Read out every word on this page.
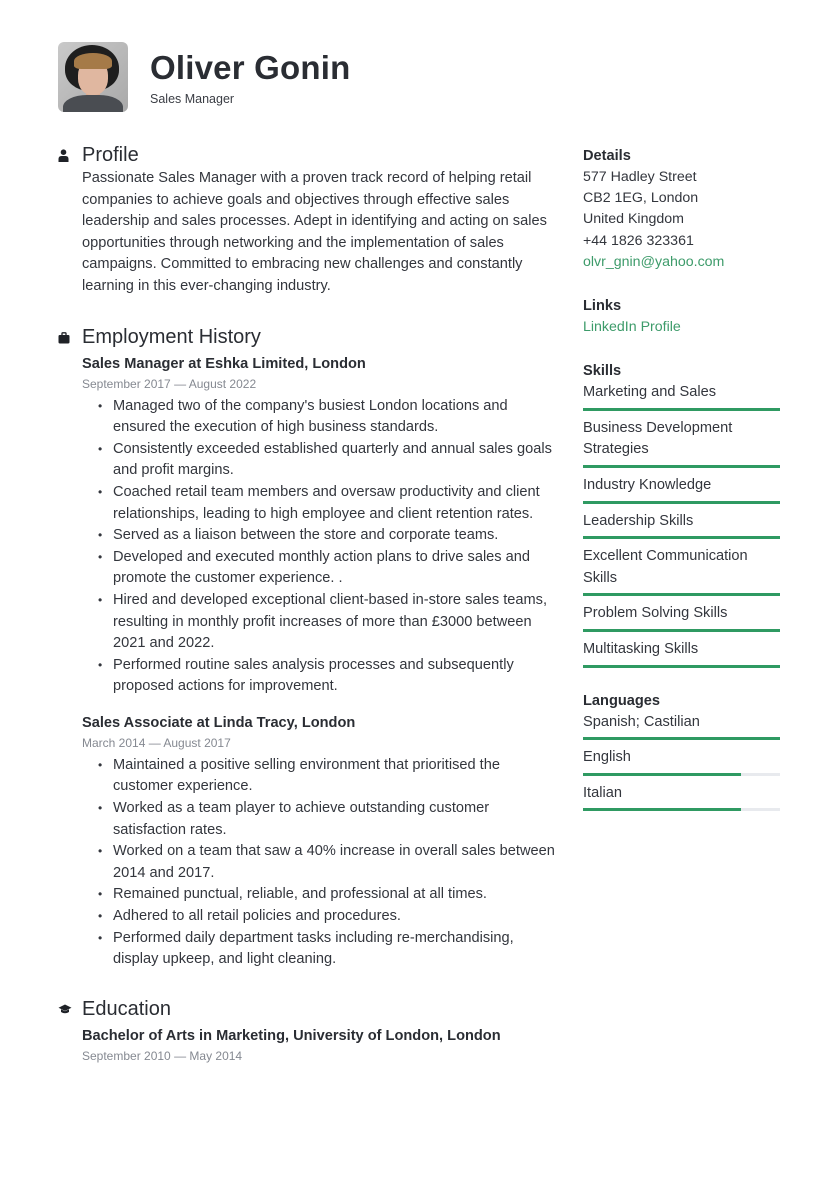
Oliver Gonin
Sales Manager
Profile
Passionate Sales Manager with a proven track record of helping retail companies to achieve goals and objectives through effective sales leadership and sales processes. Adept in identifying and acting on sales opportunities through networking and the implementation of sales campaigns. Committed to embracing new challenges and constantly learning in this ever-changing industry.
Employment History
Sales Manager at Eshka Limited, London
September 2017 — August 2022
• Managed two of the company's busiest London locations and ensured the execution of high business standards.
• Consistently exceeded established quarterly and annual sales goals and profit margins.
• Coached retail team members and oversaw productivity and client relationships, leading to high employee and client retention rates.
• Served as a liaison between the store and corporate teams.
• Developed and executed monthly action plans to drive sales and promote the customer experience. .
• Hired and developed exceptional client-based in-store sales teams, resulting in monthly profit increases of more than £3000 between 2021 and 2022.
• Performed routine sales analysis processes and subsequently proposed actions for improvement.
Sales Associate at Linda Tracy, London
March 2014 — August 2017
• Maintained a positive selling environment that prioritised the customer experience.
• Worked as a team player to achieve outstanding customer satisfaction rates.
• Worked on a team that saw a 40% increase in overall sales between 2014 and 2017.
• Remained punctual, reliable, and professional at all times.
• Adhered to all retail policies and procedures.
• Performed daily department tasks including re-merchandising, display upkeep, and light cleaning.
Education
Bachelor of Arts in Marketing, University of London, London
September 2010 — May 2014
Details
577 Hadley Street
CB2 1EG, London
United Kingdom
+44 1826 323361
olvr_gnin@yahoo.com
Links
LinkedIn Profile
Skills
Marketing and Sales
Business Development Strategies
Industry Knowledge
Leadership Skills
Excellent Communication Skills
Problem Solving Skills
Multitasking Skills
Languages
Spanish; Castilian
English
Italian
